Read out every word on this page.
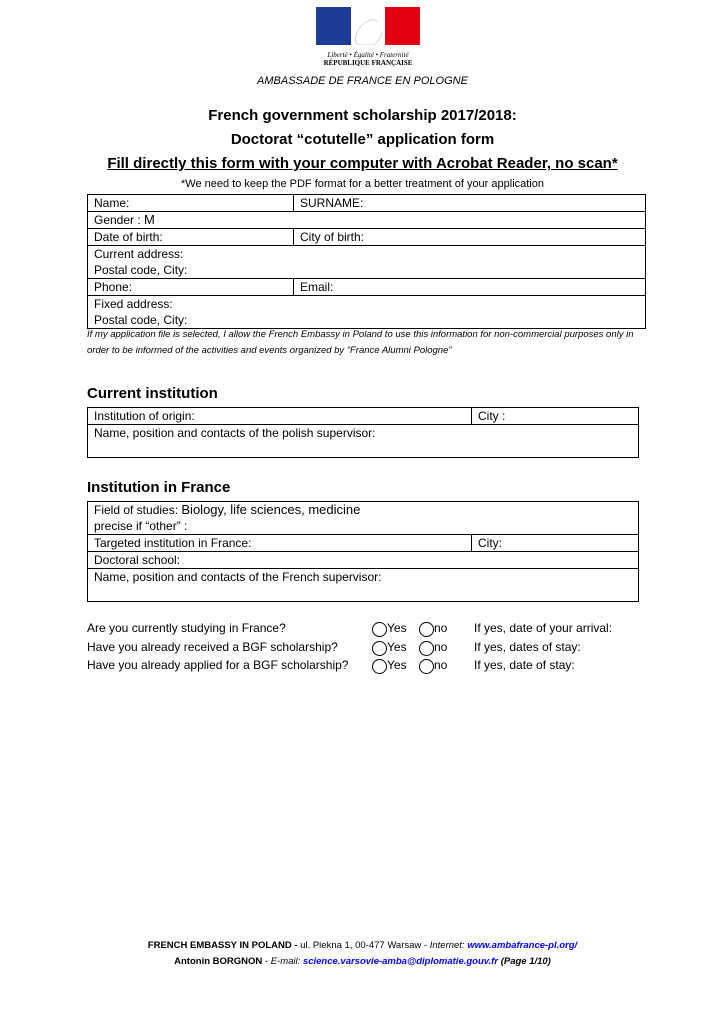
Liberté • Égalité • Fraternité
RÉPUBLIQUE FRANÇAISE
AMBASSADE DE FRANCE EN POLOGNE
French government scholarship 2017/2018:
Doctorat “cotutelle” application form
Fill directly this form with your computer with Acrobat Reader, no scan*
*We need to keep the PDF format for a better treatment of your application
Name:	SURNAME:
Gender : M	
Date of birth:	City of birth:

Current address:
Postal code, City:	

Phone:	Email:

Fixed address:
Postal code, City:	
If my application file is selected, I allow the French Embassy in Poland to use this information for non-commercial purposes only in order to be informed of the activities and events organized by “France Alumni Pologne”
Current institution
Institution of origin:	City :
Name, position and contacts of the polish supervisor:
Institution in France
Field of studies: Biology, life sciences, medicine
precise if “other” :

Targeted institution in France:	City:
Doctoral school:
Name, position and contacts of the French supervisor:
Are you currently studying in France?	Yes no If yes, date of your arrival:
Have you already received a BGF scholarship?	Yes no If yes, dates of stay:
Have you already applied for a BGF scholarship?	Yes no If yes, date of stay:
FRENCH EMBASSY IN POLAND - ul. Piekna 1, 00-477 Warsaw - Internet: www.ambafrance-pl.org/
Antonin BORGNON - E-mail: science.varsovie-amba@diplomatie.gouv.fr (Page 1/10)
